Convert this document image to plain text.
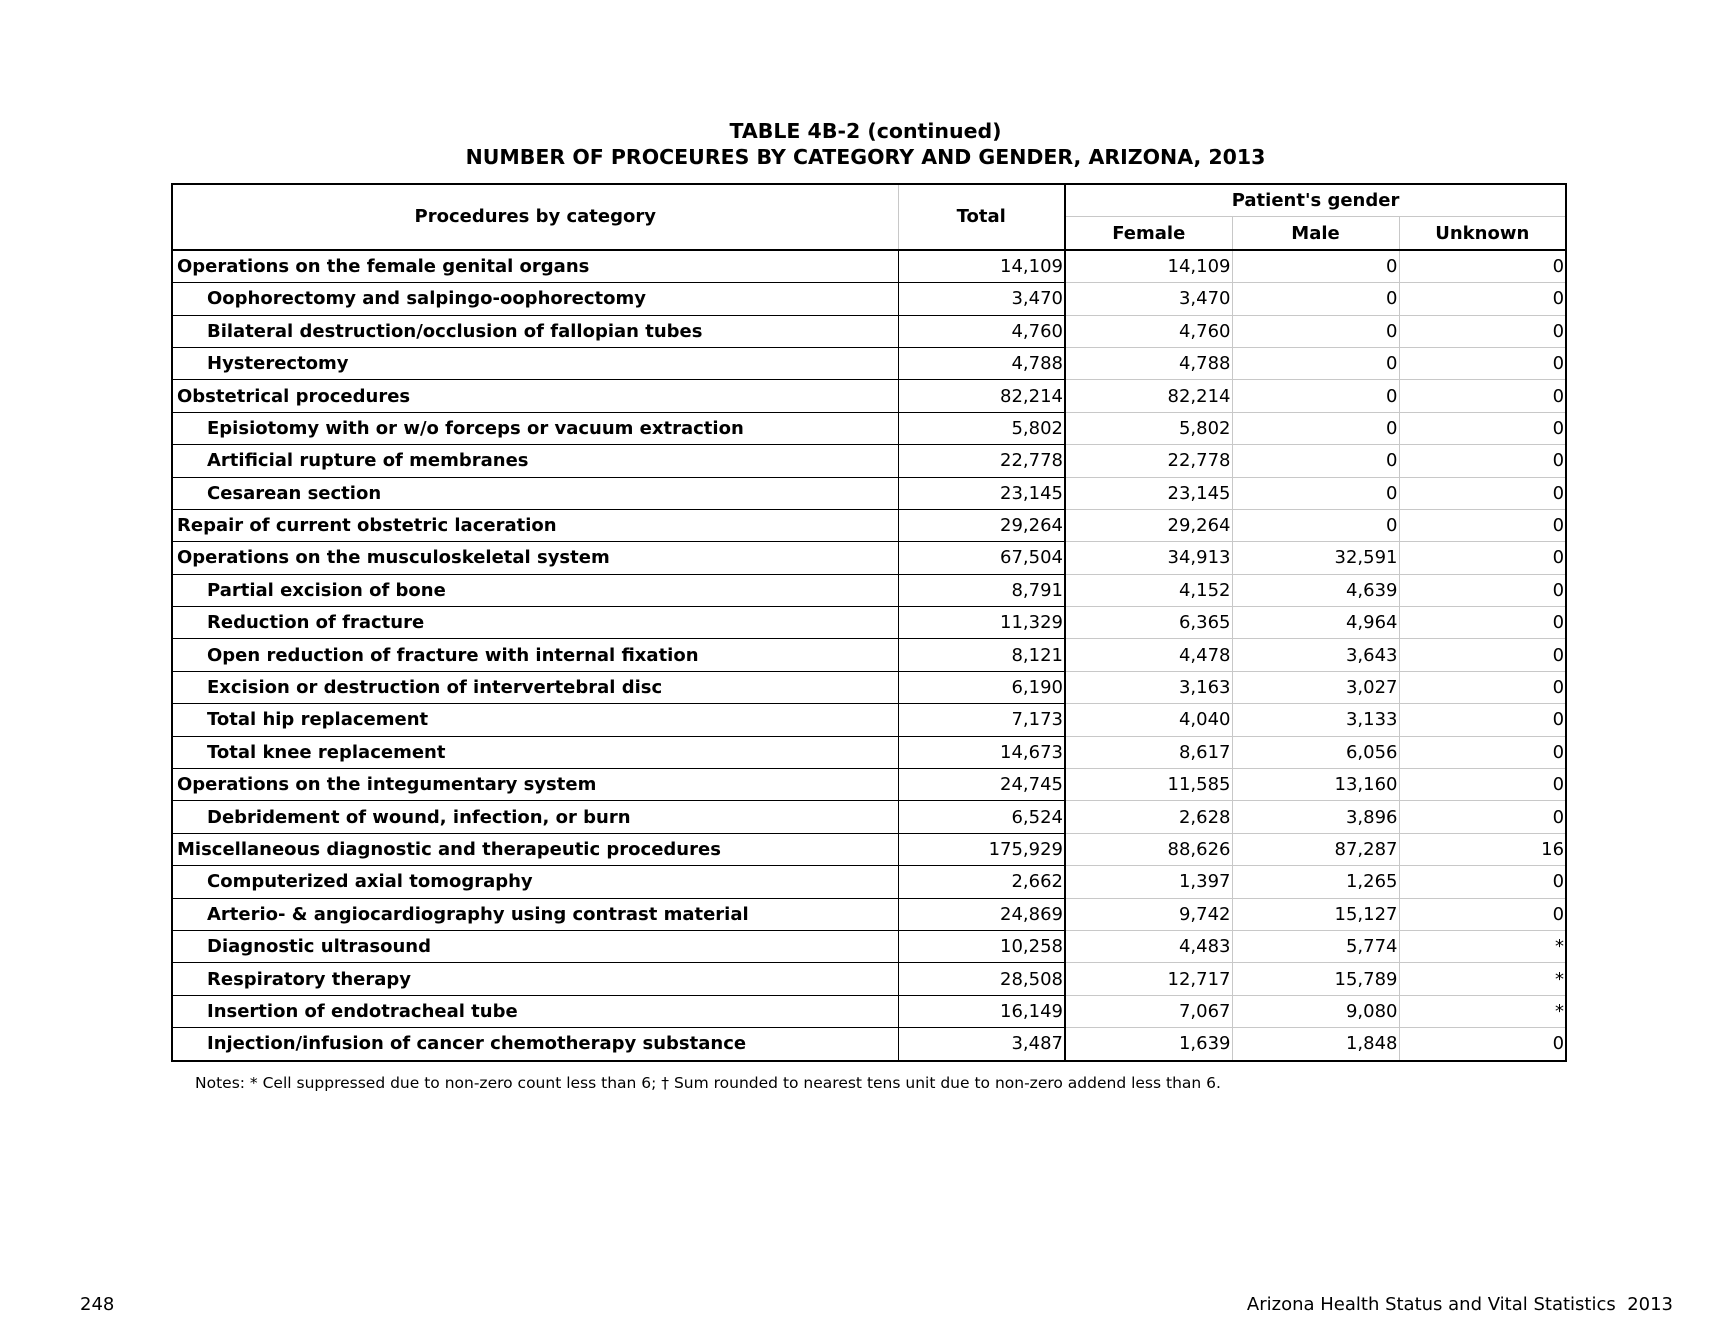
TABLE 4B-2 (continued)
NUMBER OF PROCEURES BY CATEGORY AND GENDER, ARIZONA, 2013
Procedures by category	Total	Patient's gender		
		Female	Male	Unknown
Operations on the female genital organs	14,109	14,109	0	0
Oophorectomy and salpingo-oophorectomy	3,470	3,470	0	0
Bilateral destruction/occlusion of fallopian tubes	4,760	4,760	0	0
Hysterectomy	4,788	4,788	0	0
Obstetrical procedures	82,214	82,214	0	0
Episiotomy with or w/o forceps or vacuum extraction	5,802	5,802	0	0
Artificial rupture of membranes	22,778	22,778	0	0
Cesarean section	23,145	23,145	0	0
Repair of current obstetric laceration	29,264	29,264	0	0
Operations on the musculoskeletal system	67,504	34,913	32,591	0
Partial excision of bone	8,791	4,152	4,639	0
Reduction of fracture	11,329	6,365	4,964	0
Open reduction of fracture with internal fixation	8,121	4,478	3,643	0
Excision or destruction of intervertebral disc	6,190	3,163	3,027	0
Total hip replacement	7,173	4,040	3,133	0
Total knee replacement	14,673	8,617	6,056	0
Operations on the integumentary system	24,745	11,585	13,160	0
Debridement of wound, infection, or burn	6,524	2,628	3,896	0
Miscellaneous diagnostic and therapeutic procedures	175,929	88,626	87,287	16
Computerized axial tomography	2,662	1,397	1,265	0
Arterio- & angiocardiography using contrast material	24,869	9,742	15,127	0
Diagnostic ultrasound	10,258	4,483	5,774	*
Respiratory therapy	28,508	12,717	15,789	*
Insertion of endotracheal tube	16,149	7,067	9,080	*
Injection/infusion of cancer chemotherapy substance	3,487	1,639	1,848	0
Notes: * Cell suppressed due to non-zero count less than 6; † Sum rounded to nearest tens unit due to non-zero addend less than 6.
248	Arizona Health Status and Vital Statistics  2013
